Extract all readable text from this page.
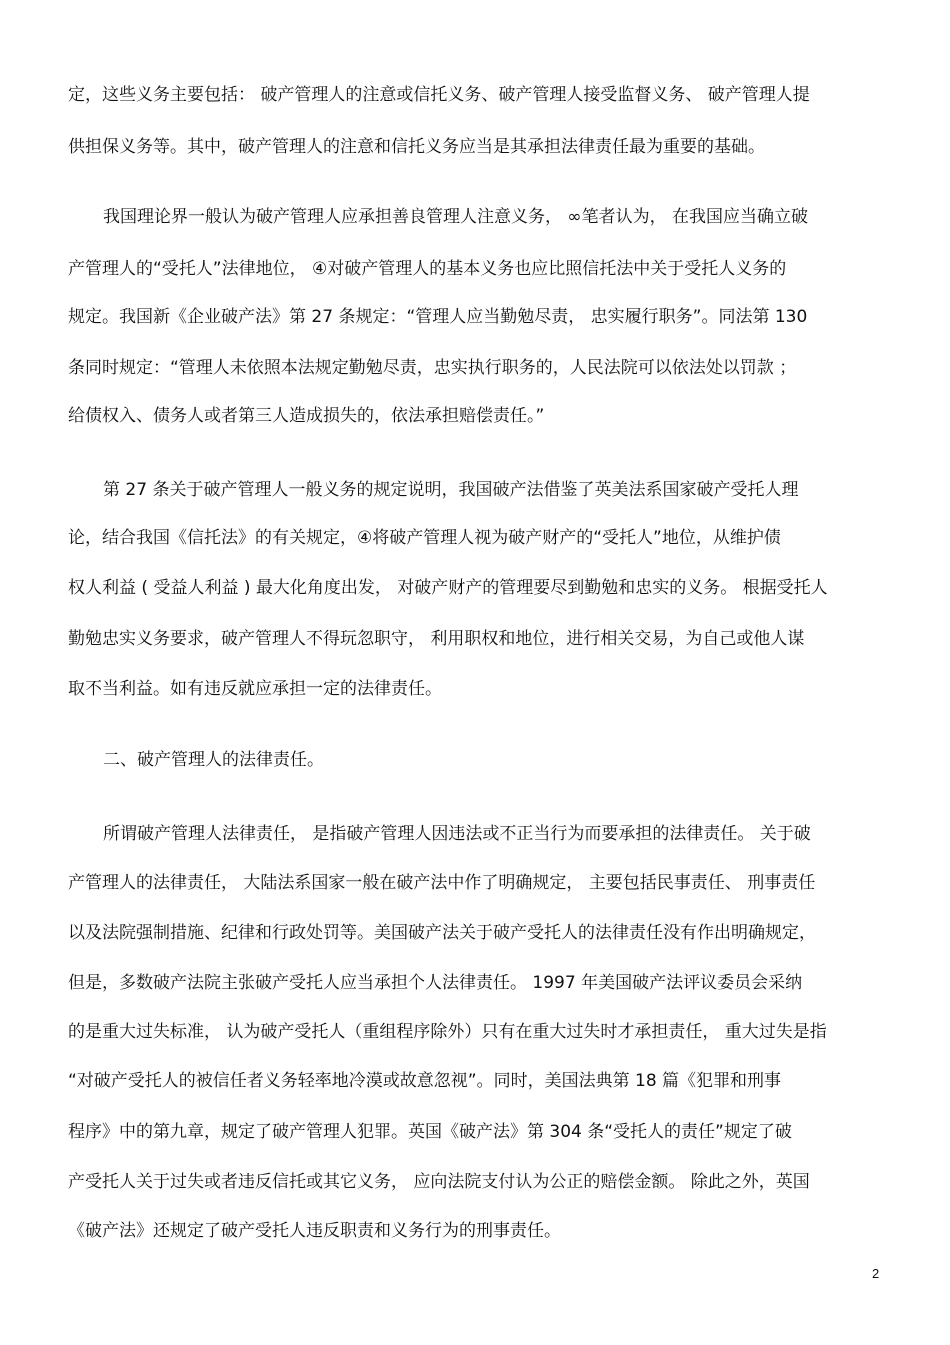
定，这些义务主要包括： 破产管理人的注意或信托义务、破产管理人接受监督义务、 破产管理人提
供担保义务等。其中，破产管理人的注意和信托义务应当是其承担法律责任最为重要的基础。
我国理论界一般认为破产管理人应承担善良管理人注意义务， ∞笔者认为， 在我国应当确立破
产管理人的“受托人”法律地位， ④对破产管理人的基本义务也应比照信托法中关于受托人义务的
规定。我国新《企业破产法》第 27 条规定：“管理人应当勤勉尽责， 忠实履行职务”。同法第 130
条同时规定：“管理人未依照本法规定勤勉尽责，忠实执行职务的，人民法院可以依法处以罚款 ；
给债权入、债务人或者第三人造成损失的，依法承担赔偿责任。”
第 27 条关于破产管理人一般义务的规定说明，我国破产法借鉴了英美法系国家破产受托人理
论，结合我国《信托法》的有关规定，④将破产管理人视为破产财产的“受托人”地位，从维护债
权人利益 ( 受益人利益 ) 最大化角度出发， 对破产财产的管理要尽到勤勉和忠实的义务。 根据受托人
勤勉忠实义务要求，破产管理人不得玩忽职守， 利用职权和地位，进行相关交易，为自己或他人谋
取不当利益。如有违反就应承担一定的法律责任。
二、破产管理人的法律责任。
所谓破产管理人法律责任， 是指破产管理人因违法或不正当行为而要承担的法律责任。 关于破
产管理人的法律责任， 大陆法系国家一般在破产法中作了明确规定， 主要包括民事责任、 刑事责任
以及法院强制措施、纪律和行政处罚等。美国破产法关于破产受托人的法律责任没有作出明确规定，
但是，多数破产法院主张破产受托人应当承担个人法律责任。 1997 年美国破产法评议委员会采纳
的是重大过失标准， 认为破产受托人（重组程序除外）只有在重大过失时才承担责任， 重大过失是指
“对破产受托人的被信任者义务轻率地冷漠或故意忽视”。同时，美国法典第 18 篇《犯罪和刑事
程序》中的第九章，规定了破产管理人犯罪。英国《破产法》第 304 条“受托人的责任”规定了破
产受托人关于过失或者违反信托或其它义务， 应向法院支付认为公正的赔偿金额。 除此之外，英国
《破产法》还规定了破产受托人违反职责和义务行为的刑事责任。
2
